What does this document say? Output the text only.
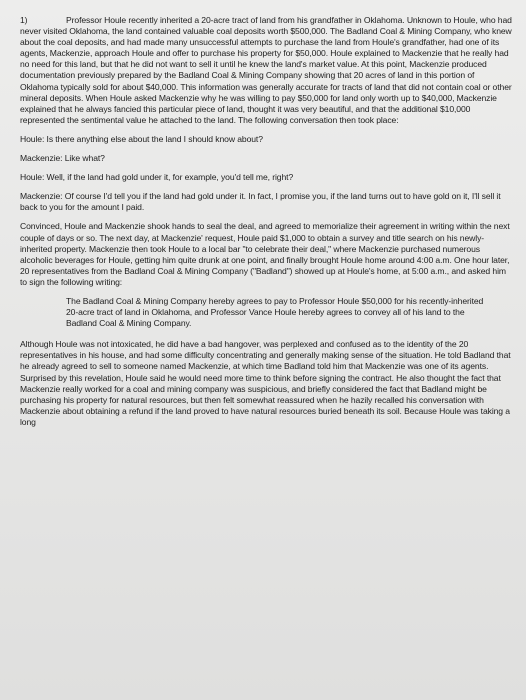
1)	Professor Houle recently inherited a 20-acre tract of land from his grandfather in Oklahoma. Unknown to Houle, who had never visited Oklahoma, the land contained valuable coal deposits worth $500,000. The Badland Coal & Mining Company, who knew about the coal deposits, and had made many unsuccessful attempts to purchase the land from Houle's grandfather, had one of its agents, Mackenzie, approach Houle and offer to purchase his property for $50,000. Houle explained to Mackenzie that he really had no need for this land, but that he did not want to sell it until he knew the land's market value. At this point, Mackenzie produced documentation previously prepared by the Badland Coal & Mining Company showing that 20 acres of land in this portion of Oklahoma typically sold for about $40,000. This information was generally accurate for tracts of land that did not contain coal or other mineral deposits. When Houle asked Mackenzie why he was willing to pay $50,000 for land only worth up to $40,000, Mackenzie explained that he always fancied this particular piece of land, thought it was very beautiful, and that the additional $10,000 represented the sentimental value he attached to the land. The following conversation then took place:

Houle: Is there anything else about the land I should know about?

Mackenzie: Like what?

Houle: Well, if the land had gold under it, for example, you'd tell me, right?

Mackenzie: Of course I'd tell you if the land had gold under it. In fact, I promise you, if the land turns out to have gold on it, I'll sell it back to you for the amount I paid.

Convinced, Houle and Mackenzie shook hands to seal the deal, and agreed to memorialize their agreement in writing within the next couple of days or so. The next day, at Mackenzie' request, Houle paid $1,000 to obtain a survey and title search on his newly-inherited property. Mackenzie then took Houle to a local bar "to celebrate their deal," where Mackenzie purchased numerous alcoholic beverages for Houle, getting him quite drunk at one point, and finally brought Houle home around 4:00 a.m. One hour later, 20 representatives from the Badland Coal & Mining Company ("Badland") showed up at Houle's home, at 5:00 a.m., and asked him to sign the following writing:

The Badland Coal & Mining Company hereby agrees to pay to Professor Houle $50,000 for his recently-inherited 20-acre tract of land in Oklahoma, and Professor Vance Houle hereby agrees to convey all of his land to the Badland Coal & Mining Company.

Although Houle was not intoxicated, he did have a bad hangover, was perplexed and confused as to the identity of the 20 representatives in his house, and had some difficulty concentrating and generally making sense of the situation. He told Badland that he already agreed to sell to someone named Mackenzie, at which time Badland told him that Mackenzie was one of its agents. Surprised by this revelation, Houle said he would need more time to think before signing the contract. He also thought the fact that Mackenzie really worked for a coal and mining company was suspicious, and briefly considered the fact that Badland might be purchasing his property for natural resources, but then felt somewhat reassured when he hazily recalled his conversation with Mackenzie about obtaining a refund if the land proved to have natural resources buried beneath its soil. Because Houle was taking a long
